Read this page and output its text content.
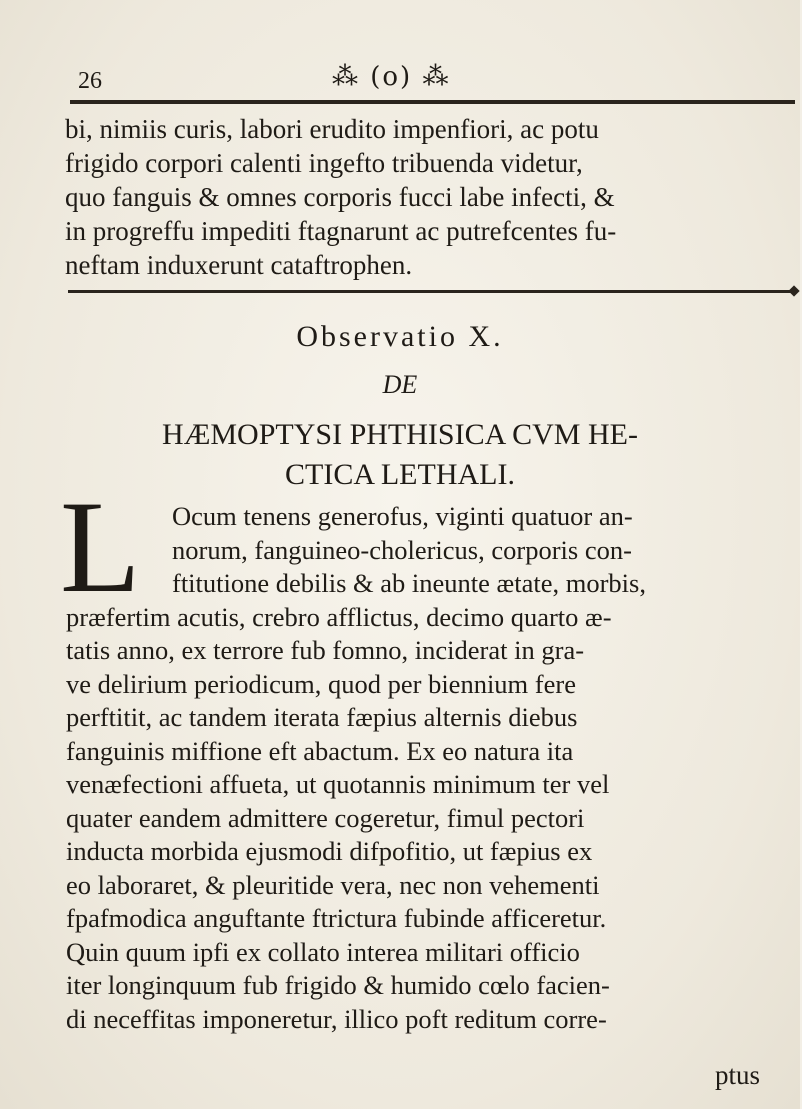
26	⁂ (o) ⁂
bi, nimiis curis, labori erudito impenfiori, ac potu
frigido corpori calenti ingefto tribuenda videtur,
quo fanguis & omnes corporis fucci labe infecti, &
in progreffu impediti ftagnarunt ac putrefcentes fu-
neftam induxerunt cataftrophen.
Observatio X.
DE
HÆMOPTYSI PHTHISICA CVM HE-
CTICA LETHALI.
L	Ocum tenens generofus, viginti quatuor an-
norum, fanguineo-cholericus, corporis con-
ftitutione debilis & ab ineunte ætate, morbis,
præfertim acutis, crebro afflictus, decimo quarto æ-
tatis anno, ex terrore fub fomno, inciderat in gra-
ve delirium periodicum, quod per biennium fere
perftitit, ac tandem iterata fæpius alternis diebus
fanguinis miffione eft abactum. Ex eo natura ita
venæfectioni affueta, ut quotannis minimum ter vel
quater eandem admittere cogeretur, fimul pectori
inducta morbida ejusmodi difpofitio, ut fæpius ex
eo laboraret, & pleuritide vera, nec non vehementi
fpafmodica anguftante ftrictura fubinde afficeretur.
Quin quum ipfi ex collato interea militari officio
iter longinquum fub frigido & humido cœlo facien-
di neceffitas imponeretur, illico poft reditum corre-
ptus
